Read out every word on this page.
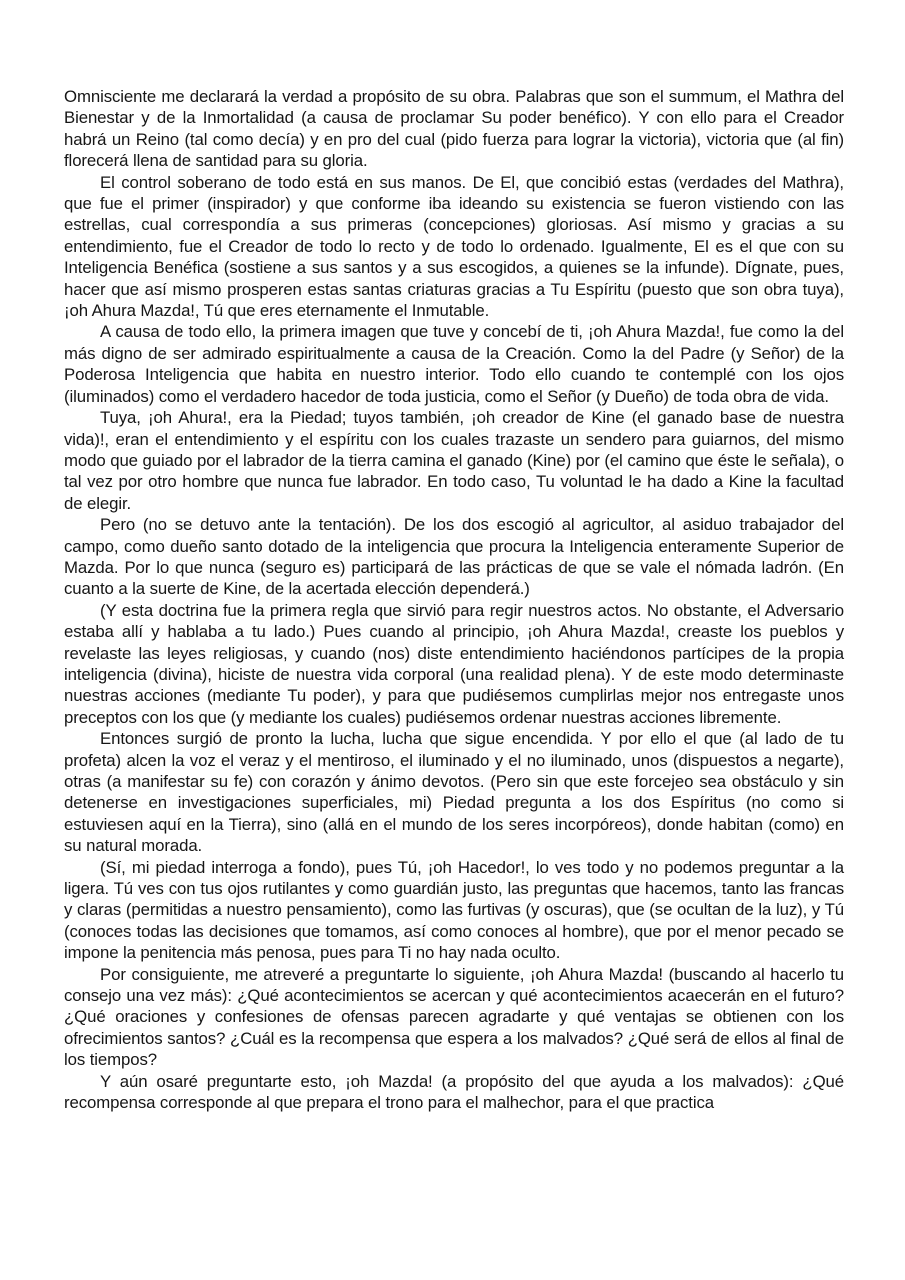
Omnisciente me declarará la verdad a propósito de su obra. Palabras que son el summum, el Mathra del Bienestar y de la Inmortalidad (a causa de proclamar Su poder benéfico). Y con ello para el Creador habrá un Reino (tal como decía) y en pro del cual (pido fuerza para lograr la victoria), victoria que (al fin) florecerá llena de santidad para su gloria.

El control soberano de todo está en sus manos. De El, que concibió estas (verdades del Mathra), que fue el primer (inspirador) y que conforme iba ideando su existencia se fueron vistiendo con las estrellas, cual correspondía a sus primeras (concepciones) gloriosas. Así mismo y gracias a su entendimiento, fue el Creador de todo lo recto y de todo lo ordenado. Igualmente, El es el que con su Inteligencia Benéfica (sostiene a sus santos y a sus escogidos, a quienes se la infunde). Dígnate, pues, hacer que así mismo prosperen estas santas criaturas gracias a Tu Espíritu (puesto que son obra tuya), ¡oh Ahura Mazda!, Tú que eres eternamente el Inmutable.

A causa de todo ello, la primera imagen que tuve y concebí de ti, ¡oh Ahura Mazda!, fue como la del más digno de ser admirado espiritualmente a causa de la Creación. Como la del Padre (y Señor) de la Poderosa Inteligencia que habita en nuestro interior. Todo ello cuando te contemplé con los ojos (iluminados) como el verdadero hacedor de toda justicia, como el Señor (y Dueño) de toda obra de vida.

Tuya, ¡oh Ahura!, era la Piedad; tuyos también, ¡oh creador de Kine (el ganado base de nuestra vida)!, eran el entendimiento y el espíritu con los cuales trazaste un sendero para guiarnos, del mismo modo que guiado por el labrador de la tierra camina el ganado (Kine) por (el camino que éste le señala), o tal vez por otro hombre que nunca fue labrador. En todo caso, Tu voluntad le ha dado a Kine la facultad de elegir.

Pero (no se detuvo ante la tentación). De los dos escogió al agricultor, al asiduo trabajador del campo, como dueño santo dotado de la inteligencia que procura la Inteligencia enteramente Superior de Mazda. Por lo que nunca (seguro es) participará de las prácticas de que se vale el nómada ladrón. (En cuanto a la suerte de Kine, de la acertada elección dependerá.)

(Y esta doctrina fue la primera regla que sirvió para regir nuestros actos. No obstante, el Adversario estaba allí y hablaba a tu lado.) Pues cuando al principio, ¡oh Ahura Mazda!, creaste los pueblos y revelaste las leyes religiosas, y cuando (nos) diste entendimiento haciéndonos partícipes de la propia inteligencia (divina), hiciste de nuestra vida corporal (una realidad plena). Y de este modo determinaste nuestras acciones (mediante Tu poder), y para que pudiésemos cumplirlas mejor nos entregaste unos preceptos con los que (y mediante los cuales) pudiésemos ordenar nuestras acciones libremente.

Entonces surgió de pronto la lucha, lucha que sigue encendida. Y por ello el que (al lado de tu profeta) alcen la voz el veraz y el mentiroso, el iluminado y el no iluminado, unos (dispuestos a negarte), otras (a manifestar su fe) con corazón y ánimo devotos. (Pero sin que este forcejeo sea obstáculo y sin detenerse en investigaciones superficiales, mi) Piedad pregunta a los dos Espíritus (no como si estuviesen aquí en la Tierra), sino (allá en el mundo de los seres incorpóreos), donde habitan (como) en su natural morada.

(Sí, mi piedad interroga a fondo), pues Tú, ¡oh Hacedor!, lo ves todo y no podemos preguntar a la ligera. Tú ves con tus ojos rutilantes y como guardián justo, las preguntas que hacemos, tanto las francas y claras (permitidas a nuestro pensamiento), como las furtivas (y oscuras), que (se ocultan de la luz), y Tú (conoces todas las decisiones que tomamos, así como conoces al hombre), que por el menor pecado se impone la penitencia más penosa, pues para Ti no hay nada oculto.

Por consiguiente, me atreveré a preguntarte lo siguiente, ¡oh Ahura Mazda! (buscando al hacerlo tu consejo una vez más): ¿Qué acontecimientos se acercan y qué acontecimientos acaecerán en el futuro? ¿Qué oraciones y confesiones de ofensas parecen agradarte y qué ventajas se obtienen con los ofrecimientos santos? ¿Cuál es la recompensa que espera a los malvados? ¿Qué será de ellos al final de los tiempos?

Y aún osaré preguntarte esto, ¡oh Mazda! (a propósito del que ayuda a los malvados): ¿Qué recompensa corresponde al que prepara el trono para el malhechor, para el que practica
